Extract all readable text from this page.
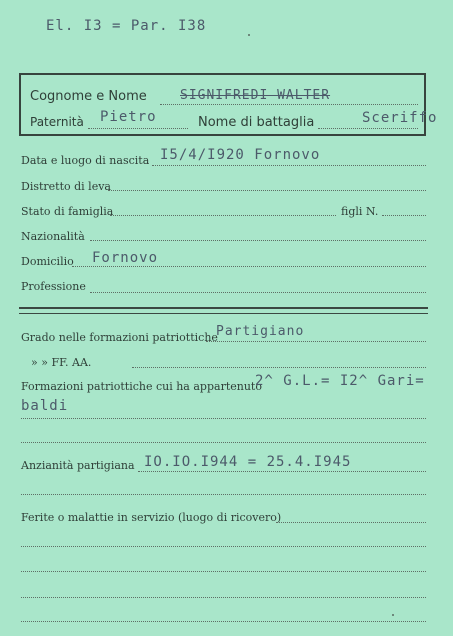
El. I3 = Par. I38
Cognome e Nome	SIGNIFREDI WALTER
Paternità Pietro	Nome di battaglia	Sceriffo
Data e luogo di nascita I5/4/I920 Fornovo
Distretto di leva
Stato di famiglia	figli N.
Nazionalità
Domicilio Fornovo
Professione
Grado nelle formazioni patriottiche
Partigiano
» » FF. AA.
Formazioni patriottiche cui ha appartenuto
2^ G.L.= I2^ Gari=
baldi
Anzianità partigiana IO.IO.I944 = 25.4.I945
Ferite o malattie in servizio (luogo di ricovero)
